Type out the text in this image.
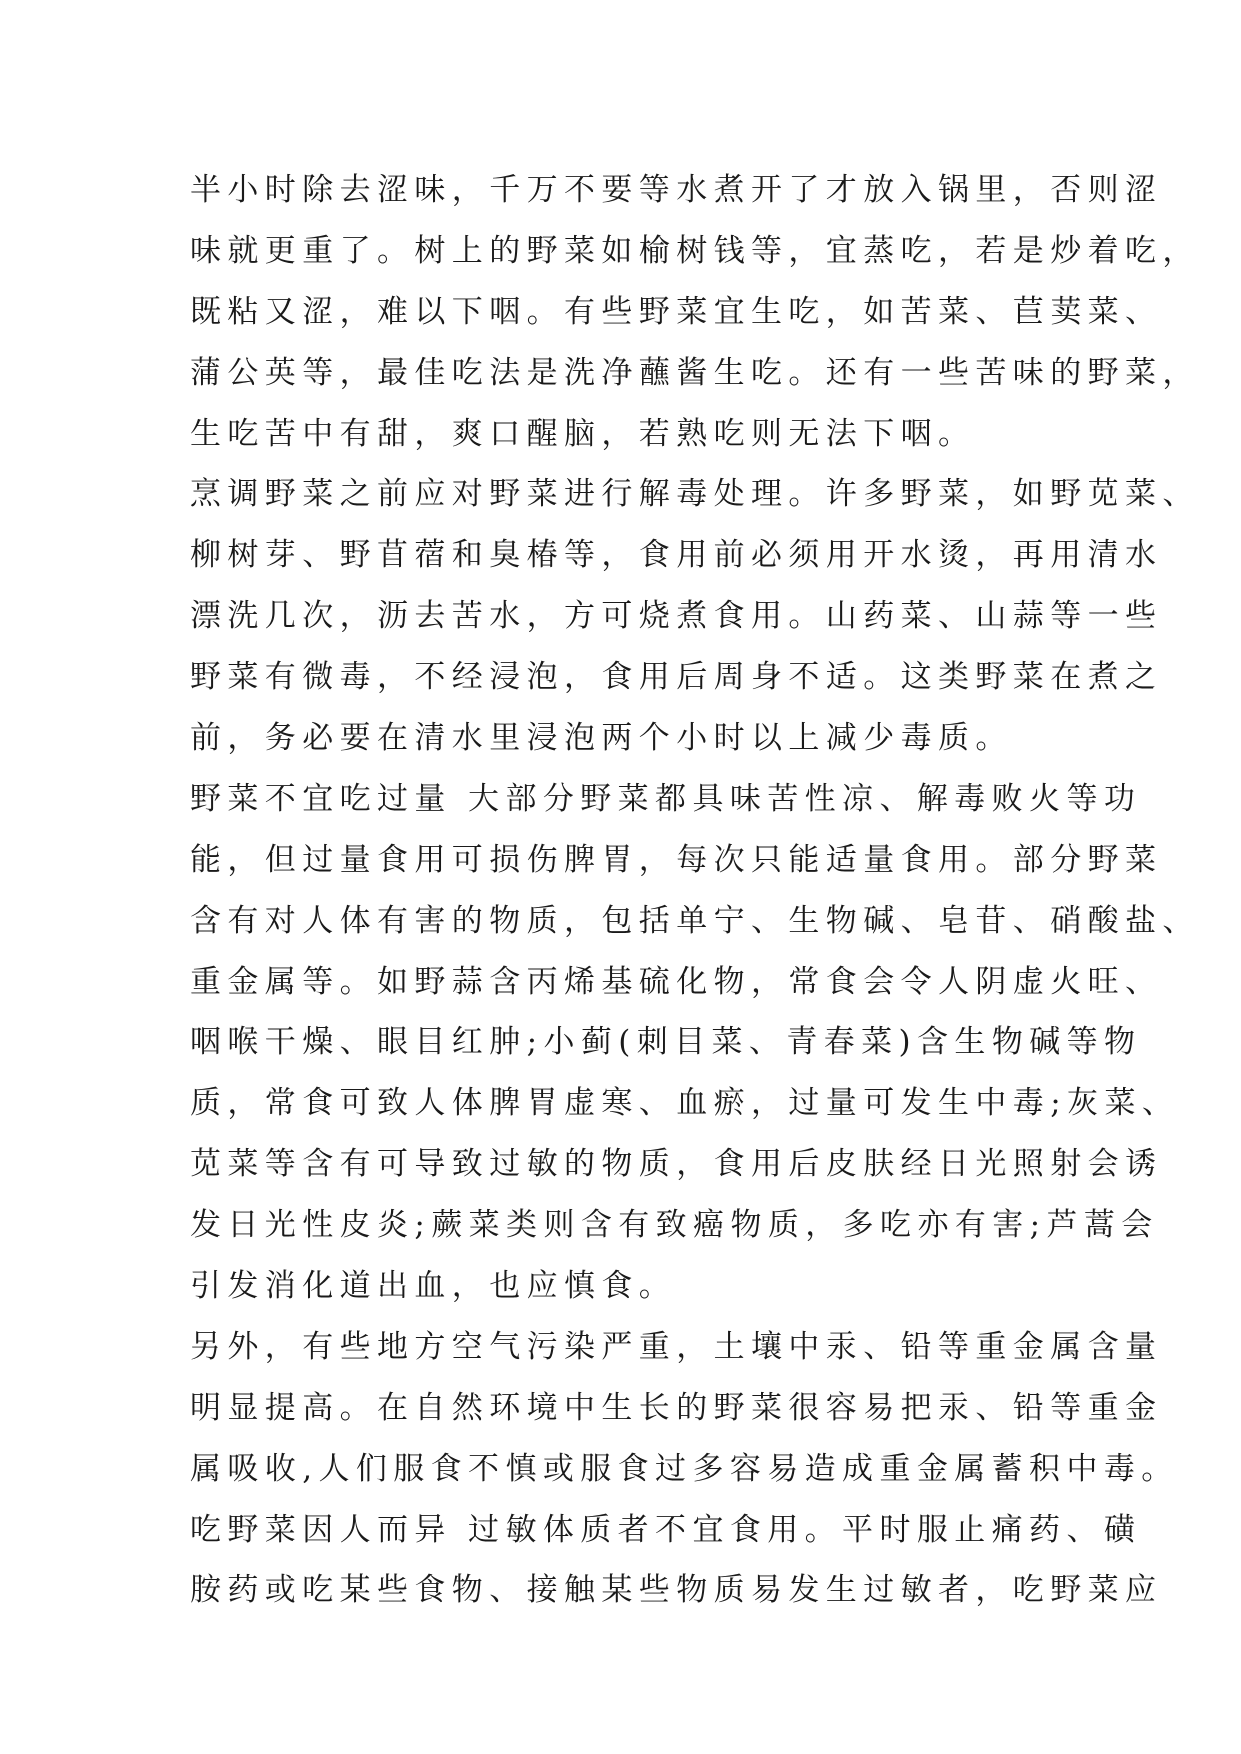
半小时除去涩味，千万不要等水煮开了才放入锅里，否则涩
味就更重了。树上的野菜如榆树钱等，宜蒸吃，若是炒着吃，
既粘又涩，难以下咽。有些野菜宜生吃，如苦菜、苣荬菜、
蒲公英等，最佳吃法是洗净蘸酱生吃。还有一些苦味的野菜，
生吃苦中有甜，爽口醒脑，若熟吃则无法下咽。
烹调野菜之前应对野菜进行解毒处理。许多野菜，如野苋菜、
柳树芽、野苜蓿和臭椿等，食用前必须用开水烫，再用清水
漂洗几次，沥去苦水，方可烧煮食用。山药菜、山蒜等一些
野菜有微毒，不经浸泡，食用后周身不适。这类野菜在煮之
前，务必要在清水里浸泡两个小时以上减少毒质。
野菜不宜吃过量 大部分野菜都具味苦性凉、解毒败火等功
能，但过量食用可损伤脾胃，每次只能适量食用。部分野菜
含有对人体有害的物质，包括单宁、生物碱、皂苷、硝酸盐、
重金属等。如野蒜含丙烯基硫化物，常食会令人阴虚火旺、
咽喉干燥、眼目红肿;小蓟(刺目菜、青春菜)含生物碱等物
质，常食可致人体脾胃虚寒、血瘀，过量可发生中毒;灰菜、
苋菜等含有可导致过敏的物质，食用后皮肤经日光照射会诱
发日光性皮炎;蕨菜类则含有致癌物质，多吃亦有害;芦蒿会
引发消化道出血，也应慎食。
另外，有些地方空气污染严重，土壤中汞、铅等重金属含量
明显提高。在自然环境中生长的野菜很容易把汞、铅等重金
属吸收,人们服食不慎或服食过多容易造成重金属蓄积中毒。
吃野菜因人而异 过敏体质者不宜食用。平时服止痛药、磺
胺药或吃某些食物、接触某些物质易发生过敏者，吃野菜应
